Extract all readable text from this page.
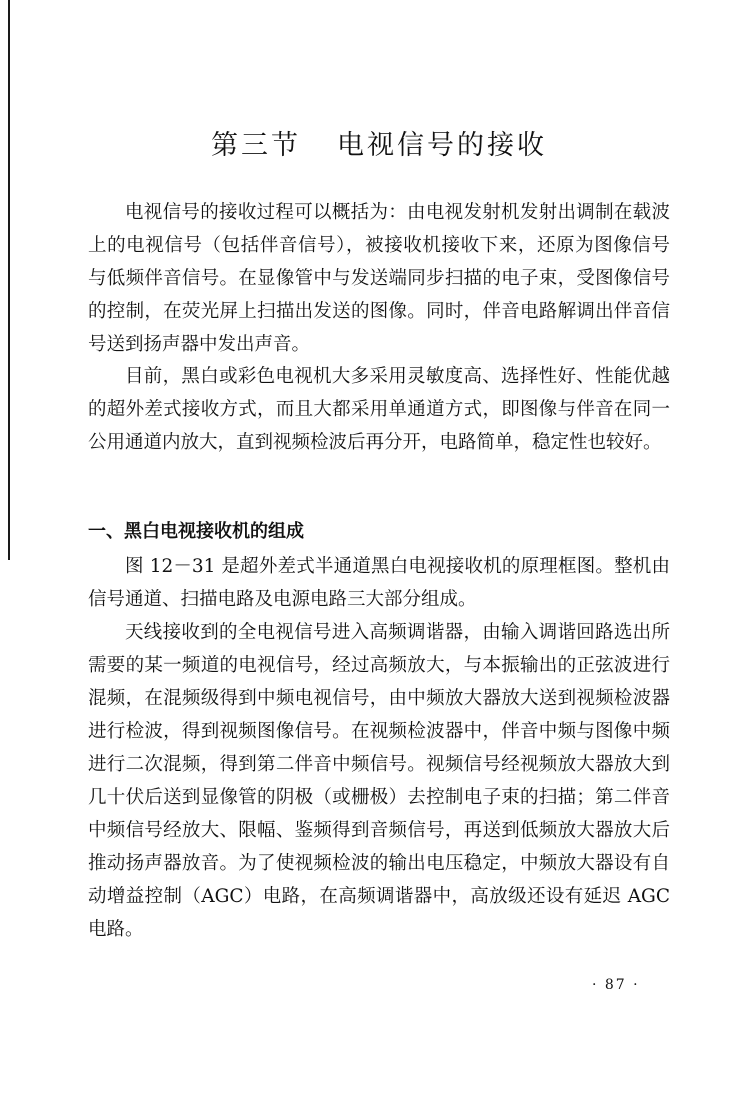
第三节 电视信号的接收

电视信号的接收过程可以概括为：由电视发射机发射出调制在载波上的电视信号（包括伴音信号），被接收机接收下来，还原为图像信号与低频伴音信号。在显像管中与发送端同步扫描的电子束，受图像信号的控制，在荧光屏上扫描出发送的图像。同时，伴音电路解调出伴音信号送到扬声器中发出声音。

目前，黑白或彩色电视机大多采用灵敏度高、选择性好、性能优越的超外差式接收方式，而且大都采用单通道方式，即图像与伴音在同一公用通道内放大，直到视频检波后再分开，电路简单，稳定性也较好。

一、黑白电视接收机的组成

图 12－31 是超外差式半通道黑白电视接收机的原理框图。整机由信号通道、扫描电路及电源电路三大部分组成。

天线接收到的全电视信号进入高频调谐器，由输入调谐回路选出所需要的某一频道的电视信号，经过高频放大，与本振输出的正弦波进行混频，在混频级得到中频电视信号，由中频放大器放大送到视频检波器进行检波，得到视频图像信号。在视频检波器中，伴音中频与图像中频进行二次混频，得到第二伴音中频信号。视频信号经视频放大器放大到几十伏后送到显像管的阴极（或栅极）去控制电子束的扫描；第二伴音中频信号经放大、限幅、鉴频得到音频信号，再送到低频放大器放大后推动扬声器放音。为了使视频检波的输出电压稳定，中频放大器设有自动增益控制（AGC）电路，在高频调谐器中，高放级还设有延迟 AGC 电路。

· 87 ·
